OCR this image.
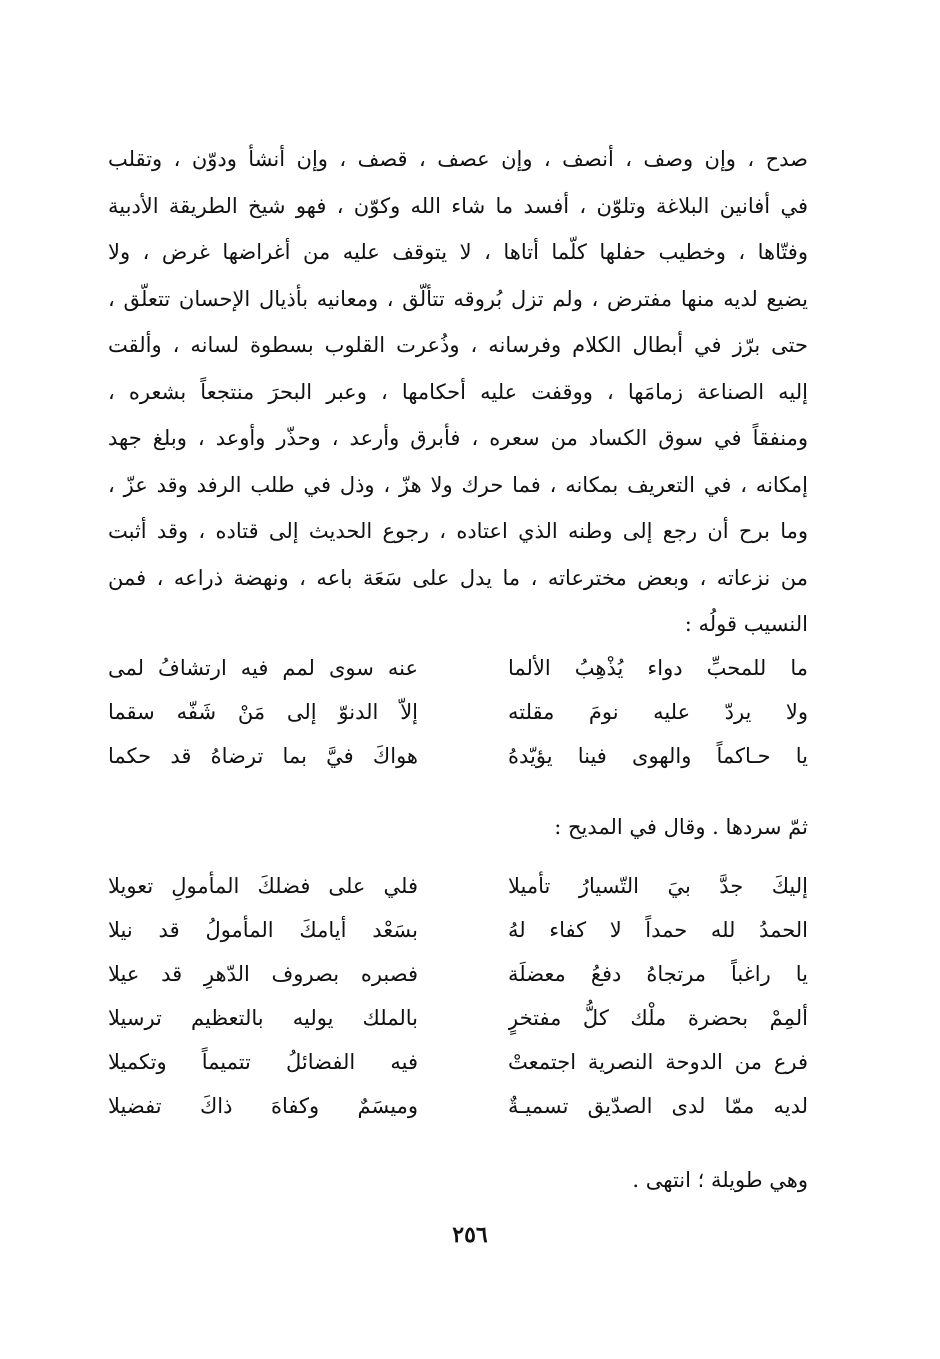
صدح ، وإن وصف ، أنصف ، وإن عصف ، قصف ، وإن أنشأ ودوّن ، وتقلب
في أفانين البلاغة وتلوّن ، أفسد ما شاء الله وكوّن ، فهو شيخ الطريقة الأدبية
وفتّاها ، وخطيب حفلها كلّما أتاها ، لا يتوقف عليه من أغراضها غرض ، ولا
يضيع لديه منها مفترض ، ولم تزل بُروقه تتألّق ، ومعانيه بأذيال الإحسان تتعلّق ،
حتى برّز في أبطال الكلام وفرسانه ، وذُعرت القلوب بسطوة لسانه ، وألقت
إليه الصناعة زمامَها ، ووقفت عليه أحكامها ، وعبر البحرَ منتجعاً بشعره ،
ومنفقاً في سوق الكساد من سعره ، فأبرق وأرعد ، وحذّر وأوعد ، وبلغ جهد
إمكانه ، في التعريف بمكانه ، فما حرك ولا هزّ ، وذل في طلب الرفد وقد عزّ ،
وما برح أن رجع إلى وطنه الذي اعتاده ، رجوع الحديث إلى قتاده ، وقد أثبت
من نزعاته ، وبعض مخترعاته ، ما يدل على سَعَة باعه ، ونهضة ذراعه ، فمن
النسيب قولُه :
ما للمحبِّ دواء يُذْهِبُ الألما
عنه سوى لمم فيه ارتشافُ لمى
ولا يردّ عليه نومَ مقلته
إلاّ الدنوّ إلى مَنْ شَفّه سقما
يا حـاكماً والهوى فينا يؤيّدهُ
هواكَ فيَّ بما ترضاهُ قد حكما
ثمّ سردها . وقال في المديح :
إليكَ جدَّ بيَ التّسيارُ تأميلا
فلي على فضلكَ المأمولِ تعويلا
الحمدُ لله حمداً لا كفاء لهُ
بسَعْد أيامكَ المأمولُ قد نيلا
يا راغباً مرتجاهُ دفعُ معضلَة
فصبره بصروف الدّهرِ قد عيلا
ألمِمْ بحضرة ملْك كلُّ مفتخرٍ
بالملك يوليه بالتعظيم ترسيلا
فرع من الدوحة النصرية اجتمعتْ
فيه الفضائلُ تتميماً وتكميلا
لديه ممّا لدى الصدّيق تسميـةٌ
وميسَمٌ وكفاهَ ذاكَ تفضيلا
وهي طويلة ؛ انتهى .
٢٥٦
